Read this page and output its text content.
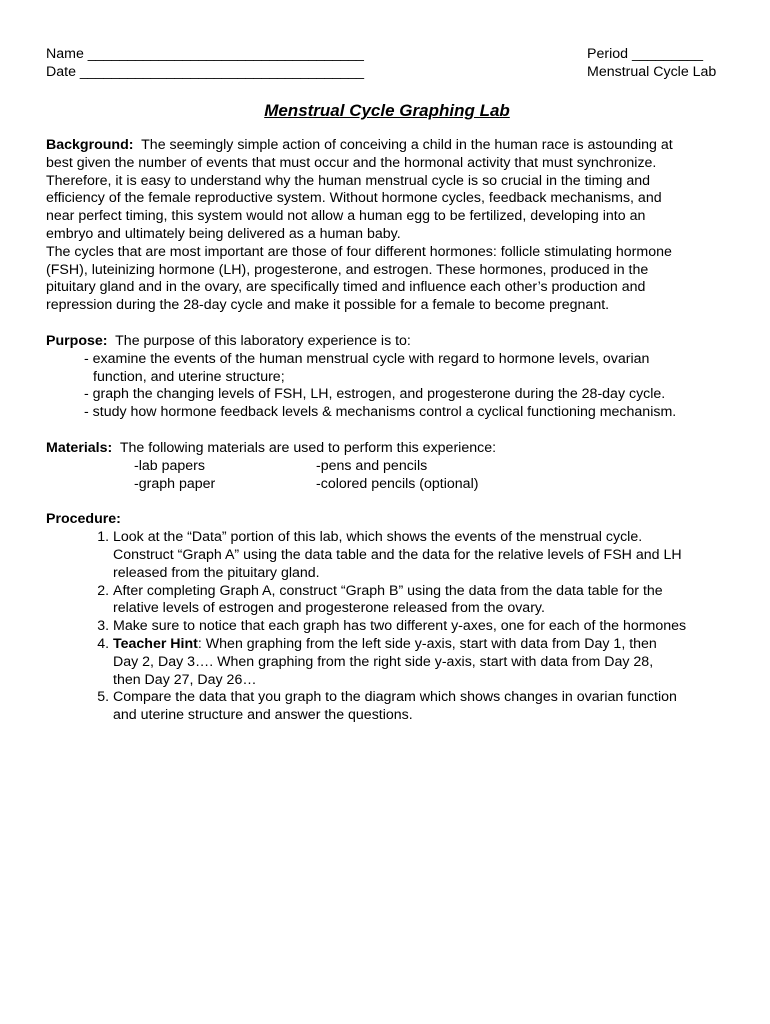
Name ___________________________________
Date ____________________________________
Period _________
Menstrual Cycle Lab
Menstrual Cycle Graphing Lab
Background: The seemingly simple action of conceiving a child in the human race is astounding at
best given the number of events that must occur and the hormonal activity that must synchronize.
Therefore, it is easy to understand why the human menstrual cycle is so crucial in the timing and
efficiency of the female reproductive system. Without hormone cycles, feedback mechanisms, and
near perfect timing, this system would not allow a human egg to be fertilized, developing into an
embryo and ultimately being delivered as a human baby.
The cycles that are most important are those of four different hormones: follicle stimulating hormone
(FSH), luteinizing hormone (LH), progesterone, and estrogen. These hormones, produced in the
pituitary gland and in the ovary, are specifically timed and influence each other’s production and
repression during the 28-day cycle and make it possible for a female to become pregnant.
Purpose: The purpose of this laboratory experience is to:
- examine the events of the human menstrual cycle with regard to hormone levels, ovarian
function, and uterine structure;
- graph the changing levels of FSH, LH, estrogen, and progesterone during the 28-day cycle.
- study how hormone feedback levels & mechanisms control a cyclical functioning mechanism.
Materials: The following materials are used to perform this experience:
-lab papers	-pens and pencils
-graph paper	-colored pencils (optional)
Procedure:
1. Look at the “Data” portion of this lab, which shows the events of the menstrual cycle.
Construct “Graph A” using the data table and the data for the relative levels of FSH and LH
released from the pituitary gland.
2. After completing Graph A, construct “Graph B” using the data from the data table for the
relative levels of estrogen and progesterone released from the ovary.
3. Make sure to notice that each graph has two different y-axes, one for each of the hormones
4. Teacher Hint: When graphing from the left side y-axis, start with data from Day 1, then
Day 2, Day 3…. When graphing from the right side y-axis, start with data from Day 28,
then Day 27, Day 26…
5. Compare the data that you graph to the diagram which shows changes in ovarian function
and uterine structure and answer the questions.
